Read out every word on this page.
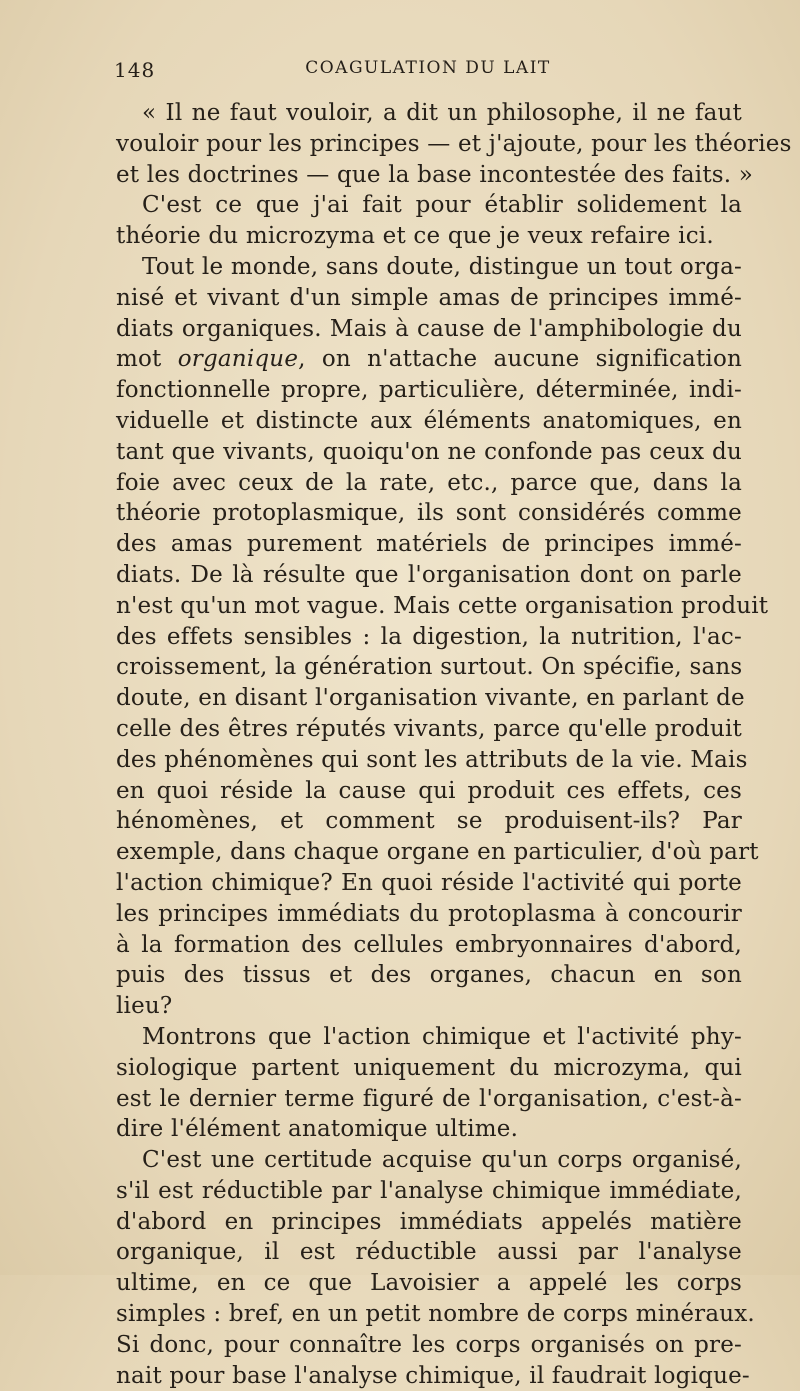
148	COAGULATION DU LAIT
« Il ne faut vouloir, a dit un philosophe, il ne faut
vouloir pour les principes — et j'ajoute, pour les théories
et les doctrines — que la base incontestée des faits. »
C'est ce que j'ai fait pour établir solidement la
théorie du microzyma et ce que je veux refaire ici.
Tout le monde, sans doute, distingue un tout orga-
nisé et vivant d'un simple amas de principes immé-
diats organiques. Mais à cause de l'amphibologie du
mot organique, on n'attache aucune signification
fonctionnelle propre, particulière, déterminée, indi-
viduelle et distincte aux éléments anatomiques, en
tant que vivants, quoiqu'on ne confonde pas ceux du
foie avec ceux de la rate, etc., parce que, dans la
théorie protoplasmique, ils sont considérés comme
des amas purement matériels de principes immé-
diats. De là résulte que l'organisation dont on parle
n'est qu'un mot vague. Mais cette organisation produit
des effets sensibles : la digestion, la nutrition, l'ac-
croissement, la génération surtout. On spécifie, sans
doute, en disant l'organisation vivante, en parlant de
celle des êtres réputés vivants, parce qu'elle produit
des phénomènes qui sont les attributs de la vie. Mais
en quoi réside la cause qui produit ces effets, ces
hénomènes, et comment se produisent-ils? Par
exemple, dans chaque organe en particulier, d'où part
l'action chimique? En quoi réside l'activité qui porte
les principes immédiats du protoplasma à concourir
à la formation des cellules embryonnaires d'abord,
puis des tissus et des organes, chacun en son
lieu?
Montrons que l'action chimique et l'activité phy-
siologique partent uniquement du microzyma, qui
est le dernier terme figuré de l'organisation, c'est-à-
dire l'élément anatomique ultime.
C'est une certitude acquise qu'un corps organisé,
s'il est réductible par l'analyse chimique immédiate,
d'abord en principes immédiats appelés matière
organique, il est réductible aussi par l'analyse
ultime, en ce que Lavoisier a appelé les corps
simples : bref, en un petit nombre de corps minéraux.
Si donc, pour connaître les corps organisés on pre-
nait pour base l'analyse chimique, il faudrait logique-
